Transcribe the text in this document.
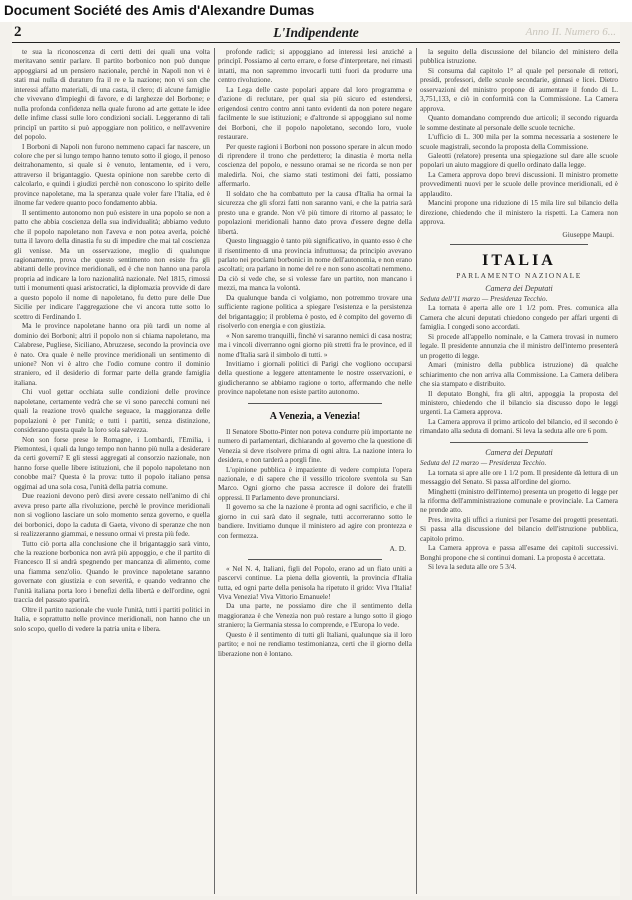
Document Société des Amis d'Alexandre Dumas
2	L'Indipendente	Anno II. Numero 6...

te sua la riconoscenza di certi detti dei quali una volta meritavano sentir parlare. Il partito borbonico non può dunque appoggiarsi ad un pensiero nazionale, perchè in Napoli non vi è stati mai nulla di duraturo fra il re e la nazione; non vi son che interessi affatto materiali, di una casta, il clero; di alcune famiglie che vivevano d'impieghi di favore, e di larghezze del Borbone; e nulla profonda confidenza nella quale furono ad arte gettate le idee delle infime classi sulle loro condizioni sociali. Leggeranno di tali principî un partito si può appoggiare non politico, e nell'avvenire del popolo.

I Borboni di Napoli non furono nemmeno capaci far nascere, un colore che per si lungo tempo hanno tenuto sotto il giogo, il penoso deitrahonamento, si quale si è venuto, lentamente, ed i vero, attraverso il brigantaggio. Questa opinione non sarebbe certo di calcolarlo, e quindi i giudizi perchè non conoscono lo spirito delle province napoletane, ma la speranza quale voler fare l'Italia, ed è ilnome far vedere quanto poco fondamento abbia.

Il sentimento autonomo non può esistere in una popolo se non a patto che abbia coscienza della sua individualità; abbiamo veduto che il popolo napoletano non l'aveva e non potea averla, poichè tutta il lavoro della dinastia fu su di impedire che mai tal coscienza gli venisse. Ma un osservazione, meglio di qualunque ragionamento, prova che questo sentimento non esiste fra gli abitanti delle province meridionali, ed è che non hanno una parola propria ad indicare la loro nazionalità nazionale. Nel 1815, rimossi tutti i monumenti quasi aristocratici, la diplomazia provvide di dare a questo popolo il nome di napoletano, fu detto pure delle Due Sicilie per indicare l'aggregazione che vi ancora tutte sotto lo scettro di Ferdinando I.

Ma le province napoletane hanno ora più tardi un nome al dominio dei Borboni; altri il popolo non si chiama napoletano, ma Calabrese, Pugliese, Siciliano, Abruzzese, secondo la provincia ove è nato. Ora quale è nelle province meridionali un sentimento di unione? Non vi è altro che l'odio comune contro il dominio straniero, ed il desiderio di formar parte della grande famiglia italiana.

Chi vuol gettar occhiata sulle condizioni delle province napoletane, certamente vedrà che se vi sono parecchi comuni nei quali la reazione trovò qualche seguace, la maggioranza delle popolazioni è per l'unità; e tutti i partiti, senza distinzione, considerano questa quale la loro sola salvezza.

Non son forse prese le Romagne, i Lombardi, l'Emilia, i Piemontesi, i quali da lungo tempo non hanno più nulla a desiderare da certi governi? E gli stessi aggregati al consorzio nazionale, non hanno forse quelle libere istituzioni, che il popolo napoletano non conobbe mai? Questa è la prova: tutto il popolo italiano pensa oggimai ad una sola cosa, l'unità della patria comune.

Due reazioni devono però dirsi avere cessato nell'animo di chi aveva preso parte alla rivoluzione, perchè le province meridionali non si vogliono lasciare un solo momento senza governo, e quella dei borbonici, dopo la caduta di Gaeta, vivono di speranze che non si realizzeranno giammai, e nessuno ormai vi presta più fede.

Tutto ciò porta alla conclusione che il brigantaggio sarà vinto, che la reazione borbonica non avrà più appoggio, e che il partito di Francesco II si andrà spegnendo per mancanza di alimento, come una fiamma senz'olio. Quando le province napoletane saranno governate con giustizia e con severità, e quando vedranno che l'unità italiana porta loro i benefizi della libertà e dell'ordine, ogni traccia del passato sparirà.

Oltre il partito nazionale che vuole l'unità, tutti i partiti politici in Italia, e soprattutto nelle province meridionali, non hanno che un solo scopo, quello di vedere la patria unita e libera.

profonde radici; si appoggiano ad interessi lesi anziché a principî. Possiamo al certo errare, e forse d'interpretare, nei rimasti intatti, ma non sapremmo invocarli tutti fuori da produrre una centro rivoluzione.

La Lega delle caste popolari appare dal loro programma e d'azione di reclutare, per qual sia più sicuro ed estendersi, erigendosi centro contro anni tanto evidenti da non potere negare facilmente le sue istituzioni; e d'altronde si appoggiano sul nome dei Borboni, che il popolo napoletano, secondo loro, vuole restaurare.

Per queste ragioni i Borboni non possono sperare in alcun modo di riprendere il trono che perdettero; la dinastia è morta nella coscienza del popolo, e nessuno oramai se ne ricorda se non per maledirla. Noi, che siamo stati testimoni dei fatti, possiamo affermarlo.

Il soldato che ha combattuto per la causa d'Italia ha ormai la sicurezza che gli sforzi fatti non saranno vani, e che la patria sarà presto una e grande. Non v'è più timore di ritorno al passato; le popolazioni meridionali hanno dato prova d'essere degne della libertà.

Questo linguaggio è tanto più significativo, in quanto esso è che il risentimento di una provincia infruttuosa; da principio avevano parlato nei proclami borbonici in nome dell'autonomia, e non erano ascoltati; ora parlano in nome del re e non sono ascoltati nemmeno. Da ciò si vede che, se si volesse fare un partito, non mancano i mezzi, ma manca la volontà.

Da qualunque banda ci volgiamo, non potremmo trovare una sufficiente ragione politica a spiegare l'esistenza e la persistenza del brigantaggio; il problema è posto, ed è compito del governo di risolverlo con energia e con giustizia.

« Non saremo tranquilli, finchè vi saranno nemici di casa nostra; ma i vincoli diverranno ogni giorno più stretti fra le province, ed il nome d'Italia sarà il simbolo di tutti. »

Invitiamo i giornali politici di Parigi che vogliono occuparsi della questione a leggere attentamente le nostre osservazioni, e giudicheranno se abbiamo ragione o torto, affermando che nelle province napoletane non esiste partito autonomo.

A Venezia, a Venezia!

Il Senatore Sbotto-Pinter non poteva condurre più importante ne numero di parlamentari, dichiarando al governo che la questione di Venezia si deve risolvere prima di ogni altra. La nazione intera lo desidera, e non tarderà a porgli fine.

L'opinione pubblica è impaziente di vedere compiuta l'opera nazionale, e di sapere che il vessillo tricolore sventola su San Marco. Ogni giorno che passa accresce il dolore dei fratelli oppressi. Il Parlamento deve pronunciarsi.

Il governo sa che la nazione è pronta ad ogni sacrificio, e che il giorno in cui sarà dato il segnale, tutti accorreranno sotto le bandiere. Invitiamo dunque il ministero ad agire con prontezza e con fermezza.

A. D.

« Nel N. 4, Italiani, figli del Popolo, erano ad un fiato uniti a pascervi continue. La piena della gioventù, la provincia d'Italia tutta, ed ogni parte della penisola ha ripetuto il grido: Viva l'Italia! Viva Venezia! Viva Vittorio Emanuele!

Da una parte, ne possiamo dire che il sentimento della maggioranza è che Venezia non può restare a lungo sotto il giogo straniero; la Germania stessa lo comprende, e l'Europa lo vede.

Questo è il sentimento di tutti gli Italiani, qualunque sia il loro partito; e noi ne rendiamo testimonianza, certi che il giorno della liberazione non è lontano.

la seguito della discussione del bilancio del ministero della pubblica istruzione.

Si consuma dal capitolo 1° al quale pel personale di rettori, presidi, professori, delle scuole secondarie, ginnasi e licei. Dietro osservazioni del ministro propone di aumentare il fondo di L. 3,751,133, e ciò in conformità con la Commissione. La Camera approva.

Quanto domandano comprendo due articoli; il secondo riguarda le somme destinate al personale delle scuole tecniche.

L'ufficio di L. 300 mila per la somma necessaria a sostenere le scuole magistrali, secondo la proposta della Commissione.

Galeotti (relatore) presenta una spiegazione sul dare alle scuole popolari un aiuto maggiore di quello ordinato dalla legge.

La Camera approva dopo brevi discussioni. Il ministro promette provvedimenti nuovi per le scuole delle province meridionali, ed è applaudito.

Mancini propone una riduzione di 15 mila lire sul bilancio della direzione, chiedendo che il ministero la rispetti. La Camera non approva.

Giuseppe Maupi.
ITALIA
PARLAMENTO NAZIONALE
Camera dei Deputati

Seduta dell'11 marzo — Presidenza Tecchio.

La tornata è aperta alle ore 1 1/2 pom. Pres. comunica alla Camera che alcuni deputati chiedono congedo per affari urgenti di famiglia. I congedi sono accordati.

Si procede all'appello nominale, e la Camera trovasi in numero legale. Il presidente annunzia che il ministro dell'interno presenterà un progetto di legge.

Amari (ministro della pubblica istruzione) dà qualche schiarimento che non arriva alla Commissione. La Camera delibera che sia stampato e distribuito.

Il deputato Bonghi, fra gli altri, appoggia la proposta del ministero, chiedendo che il bilancio sia discusso dopo le leggi urgenti. La Camera approva.

La Camera approva il primo articolo del bilancio, ed il secondo è rimandato alla seduta di domani. Si leva la seduta alle ore 6 pom.

Camera dei Deputati

Seduta del 12 marzo — Presidenza Tecchio.

La tornata si apre alle ore 1 1/2 pom. Il presidente dà lettura di un messaggio del Senato. Si passa all'ordine del giorno.

Minghetti (ministro dell'interno) presenta un progetto di legge per la riforma dell'amministrazione comunale e provinciale. La Camera ne prende atto.

Pres. invita gli uffici a riunirsi per l'esame dei progetti presentati. Si passa alla discussione del bilancio dell'istruzione pubblica, capitolo primo.

La Camera approva e passa all'esame dei capitoli successivi. Bonghi propone che si continui domani. La proposta è accettata.

Si leva la seduta alle ore 5 3/4.
